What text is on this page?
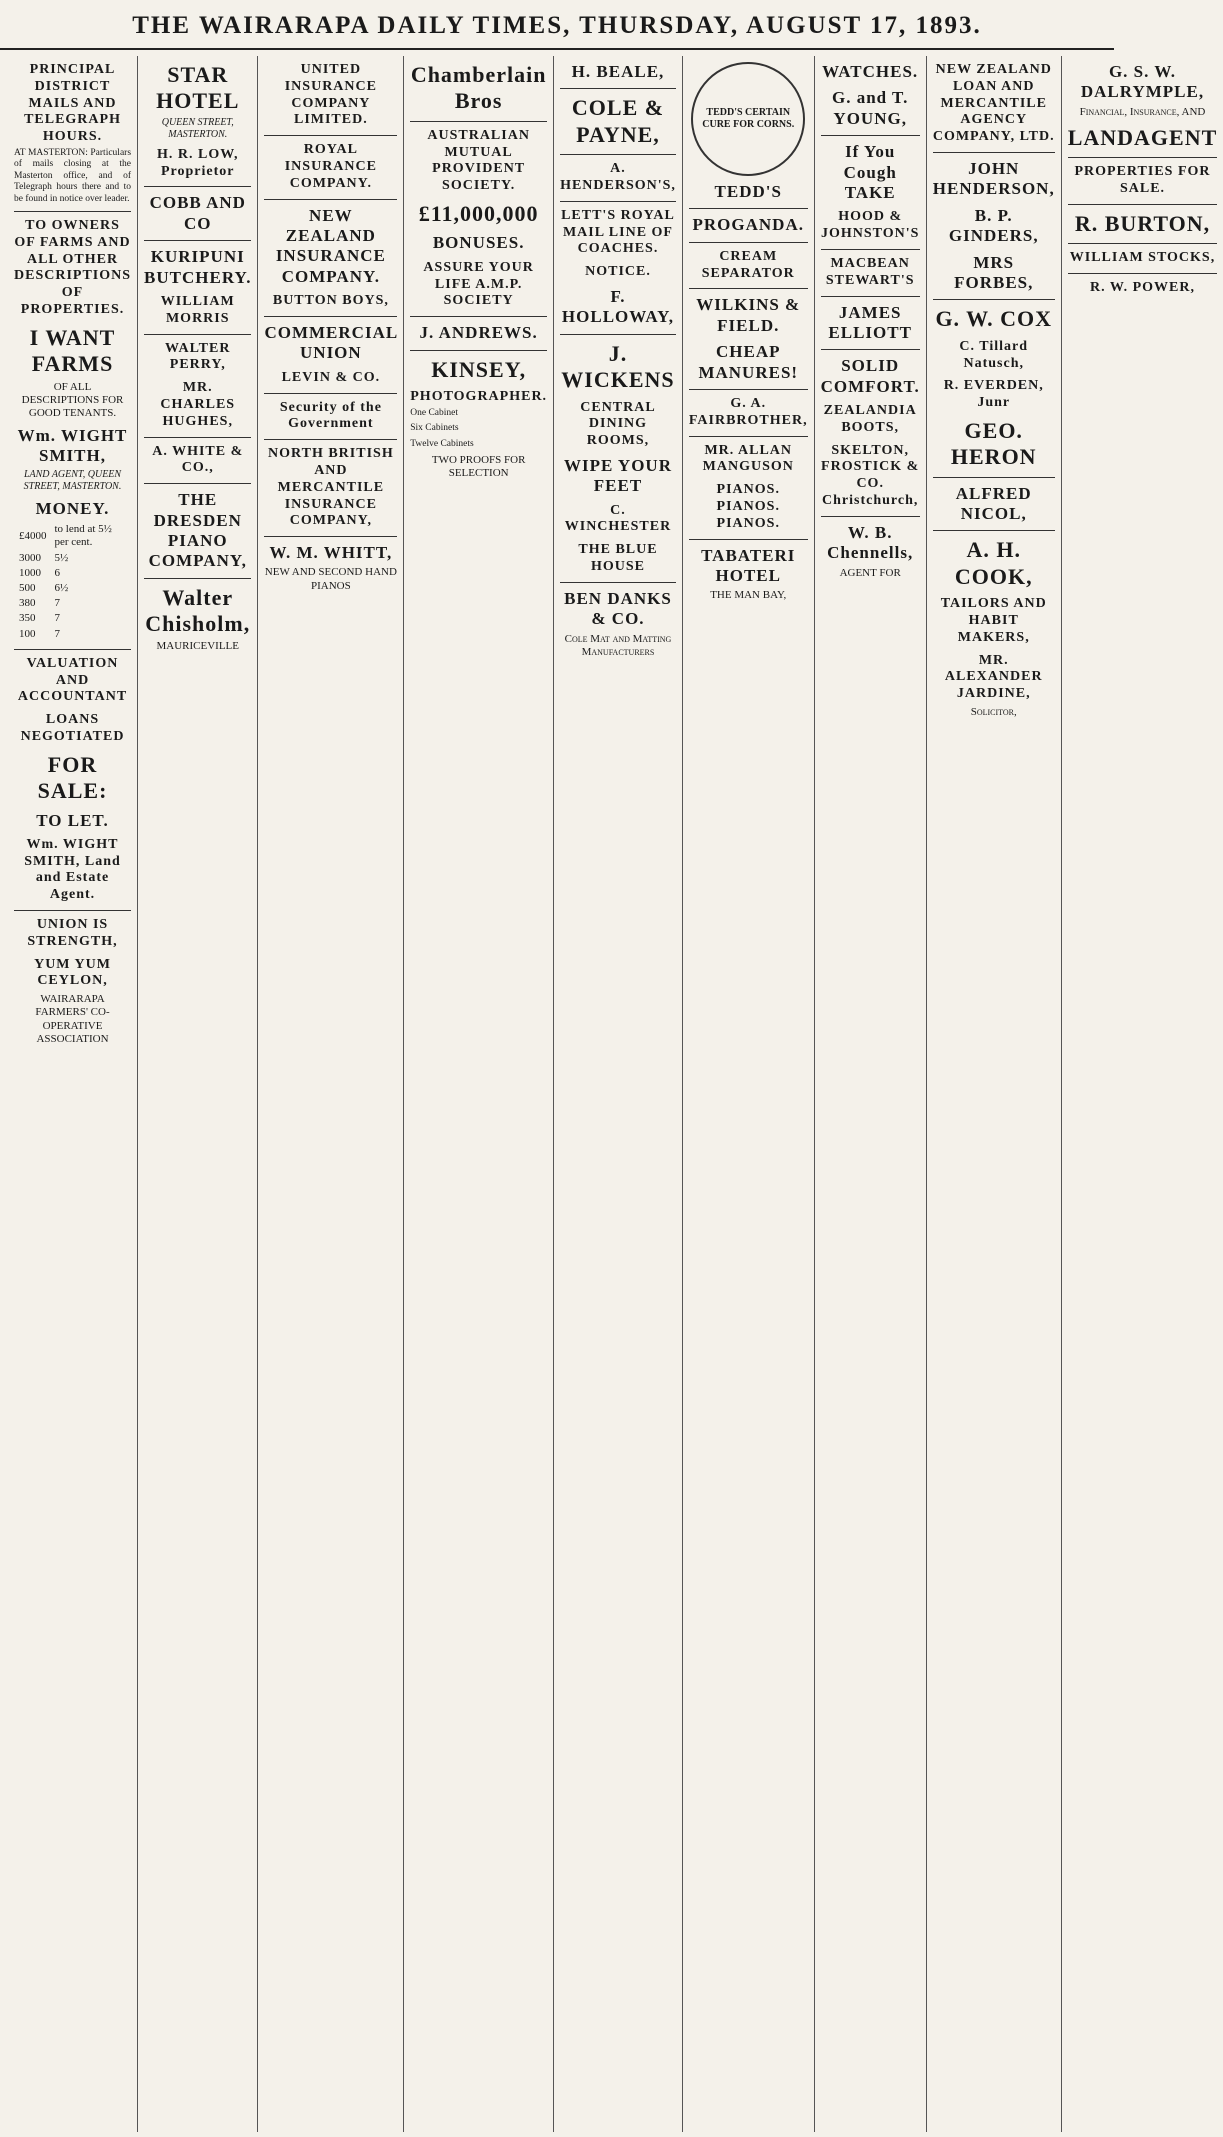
THE WAIRARAPA DAILY TIMES, THURSDAY, AUGUST 17, 1893.
PRINCIPAL DISTRICT MAILS AND TELEGRAPH HOURS.
AT MASTERTON: Particulars of mails closing at the Masterton office, and of Telegraph hours there and to be found in notice over leader.
TO OWNERS OF FARMS AND ALL OTHER DESCRIPTIONS OF PROPERTIES.
I WANT FARMS
OF ALL DESCRIPTIONS FOR GOOD TENANTS.
Wm. WIGHT SMITH,
LAND AGENT, QUEEN STREET, MASTERTON.
MONEY.
£4000	to lend at 5½ per cent.
3000	5½
1000	6
500	6½
380	7
350	7
100	7
VALUATION AND ACCOUNTANT
LOANS NEGOTIATED
FOR SALE:
TO LET.
Wm. WIGHT SMITH, Land and Estate Agent.
UNION IS STRENGTH,
YUM YUM CEYLON,
WAIRARAPA FARMERS' CO-OPERATIVE ASSOCIATION
STAR HOTEL
QUEEN STREET, MASTERTON.
H. R. LOW, Proprietor
COBB AND CO
KURIPUNI BUTCHERY.
WILLIAM MORRIS
WALTER PERRY,
MR. CHARLES HUGHES,
A. WHITE & CO.,
THE DRESDEN PIANO COMPANY,
Walter Chisholm,
MAURICEVILLE
UNITED INSURANCE COMPANY LIMITED.
ROYAL INSURANCE COMPANY.
NEW ZEALAND INSURANCE COMPANY.
BUTTON BOYS,
COMMERCIAL UNION
LEVIN & CO.
Security of the Government
NORTH BRITISH AND MERCANTILE INSURANCE COMPANY,
W. M. WHITT,
NEW AND SECOND HAND PIANOS
Chamberlain Bros
AUSTRALIAN MUTUAL PROVIDENT SOCIETY.
£11,000,000
BONUSES.
ASSURE YOUR LIFE A.M.P. SOCIETY
J. ANDREWS.
KINSEY,
PHOTOGRAPHER.
One Cabinet
Six Cabinets
Twelve Cabinets
TWO PROOFS FOR SELECTION
H. BEALE,
COLE & PAYNE,
A. HENDERSON'S,
LETT'S ROYAL MAIL LINE OF COACHES.
NOTICE.
F. HOLLOWAY,
J. WICKENS
CENTRAL DINING ROOMS,
WIPE YOUR FEET
C. WINCHESTER
THE BLUE HOUSE
BEN DANKS & CO.
Cole Mat and Matting Manufacturers
TEDD'S CERTAIN CURE FOR CORNS.
TEDD'S
PROGANDA.
CREAM SEPARATOR
WILKINS & FIELD.
CHEAP MANURES!
G. A. FAIRBROTHER,
MR. ALLAN MANGUSON
PIANOS. PIANOS. PIANOS.
TABATERI HOTEL
THE MAN BAY,
WATCHES.
G. and T. YOUNG,
If You Cough TAKE
HOOD & JOHNSTON'S
MACBEAN STEWART'S
JAMES ELLIOTT
SOLID COMFORT.
ZEALANDIA BOOTS,
SKELTON, FROSTICK & CO. Christchurch,
W. B. Chennells,
AGENT FOR
NEW ZEALAND LOAN AND MERCANTILE AGENCY COMPANY, LTD.
JOHN HENDERSON,
B. P. GINDERS,
MRS FORBES,
G. W. COX
C. Tillard Natusch,
R. EVERDEN, Junr
GEO. HERON
ALFRED NICOL,
A. H. COOK,
TAILORS AND HABIT MAKERS,
MR. ALEXANDER JARDINE,
Solicitor,
G. S. W. DALRYMPLE,
Financial, Insurance, AND
LANDAGENT
PROPERTIES FOR SALE.
R. BURTON,
WILLIAM STOCKS,
R. W. POWER,
